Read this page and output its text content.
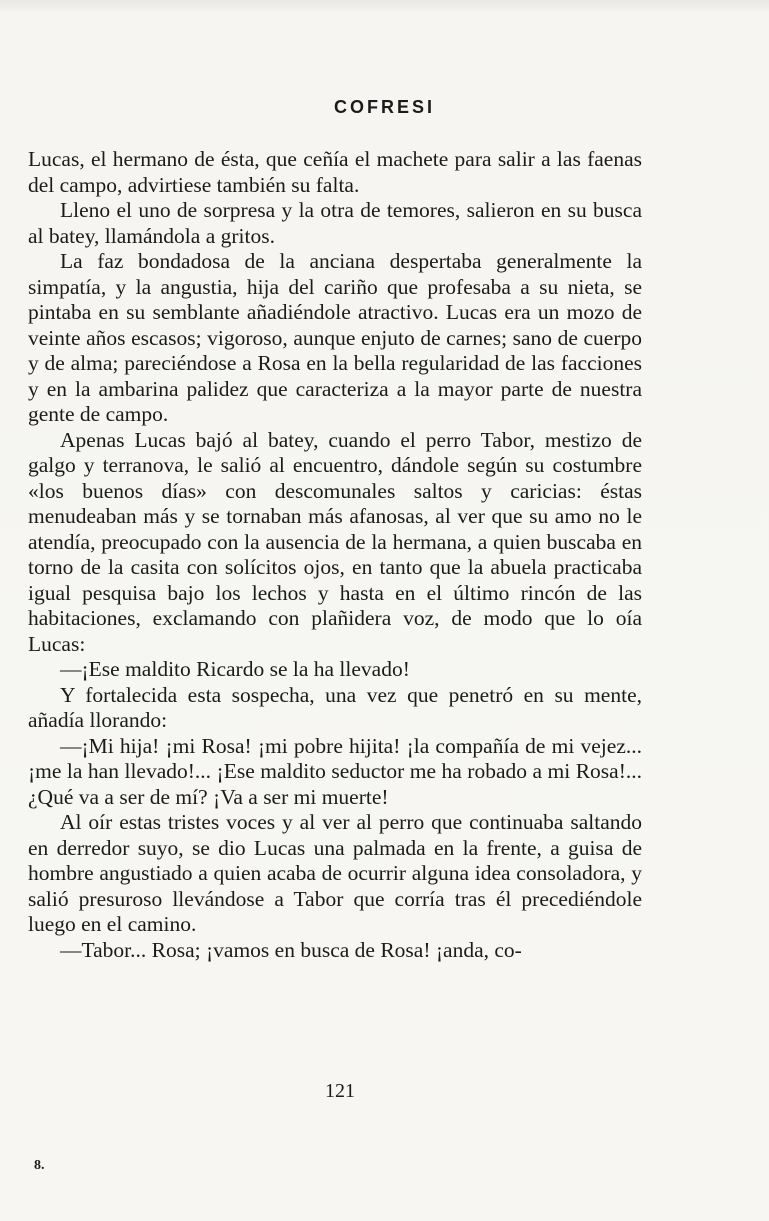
COFRESI

Lucas, el hermano de ésta, que ceñía el machete para salir a las faenas del campo, advirtiese también su falta.

Lleno el uno de sorpresa y la otra de temores, salieron en su busca al batey, llamándola a gritos.

La faz bondadosa de la anciana despertaba generalmente la simpatía, y la angustia, hija del cariño que profesaba a su nieta, se pintaba en su semblante añadiéndole atractivo. Lucas era un mozo de veinte años escasos; vigoroso, aunque enjuto de carnes; sano de cuerpo y de alma; pareciéndose a Rosa en la bella regularidad de las facciones y en la ambarina palidez que caracteriza a la mayor parte de nuestra gente de campo.

Apenas Lucas bajó al batey, cuando el perro Tabor, mestizo de galgo y terranova, le salió al encuentro, dándole según su costumbre «los buenos días» con descomunales saltos y caricias: éstas menudeaban más y se tornaban más afanosas, al ver que su amo no le atendía, preocupado con la ausencia de la hermana, a quien buscaba en torno de la casita con solícitos ojos, en tanto que la abuela practicaba igual pesquisa bajo los lechos y hasta en el último rincón de las habitaciones, exclamando con plañidera voz, de modo que lo oía Lucas:

—¡Ese maldito Ricardo se la ha llevado!

Y fortalecida esta sospecha, una vez que penetró en su mente, añadía llorando:

—¡Mi hija! ¡mi Rosa! ¡mi pobre hijita! ¡la compañía de mi vejez... ¡me la han llevado!... ¡Ese maldito seductor me ha robado a mi Rosa!... ¿Qué va a ser de mí? ¡Va a ser mi muerte!

Al oír estas tristes voces y al ver al perro que continuaba saltando en derredor suyo, se dio Lucas una palmada en la frente, a guisa de hombre angustiado a quien acaba de ocurrir alguna idea consoladora, y salió presuroso llevándose a Tabor que corría tras él precediéndole luego en el camino.

—Tabor... Rosa; ¡vamos en busca de Rosa! ¡anda, co-

121
8.
